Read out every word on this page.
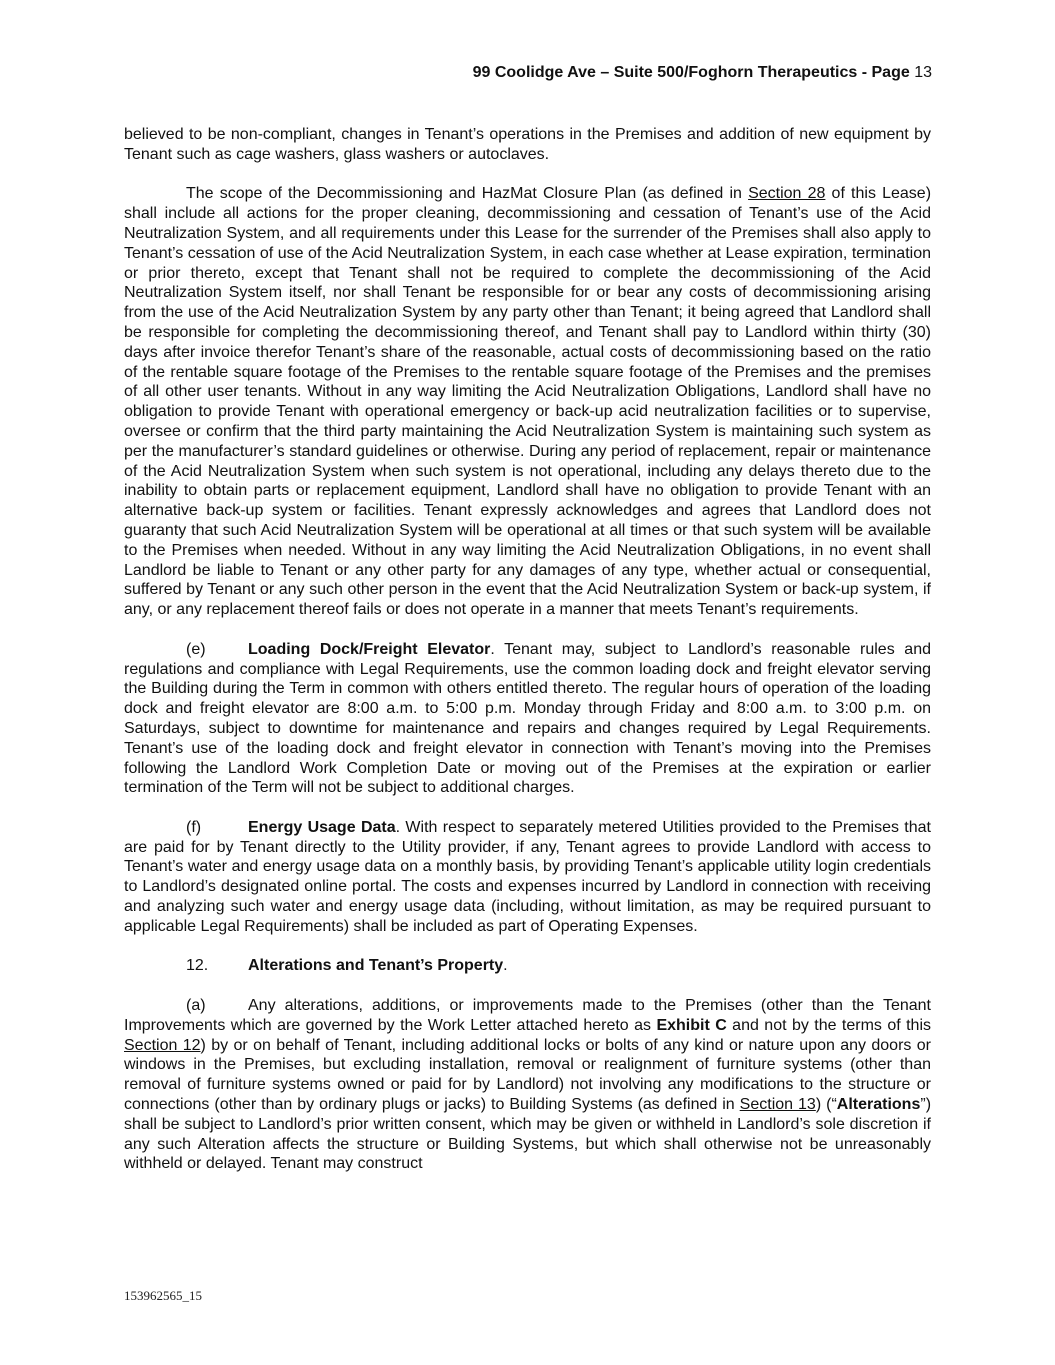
99 Coolidge Ave – Suite 500/Foghorn Therapeutics - Page 13

believed to be non-compliant, changes in Tenant’s operations in the Premises and addition of new equipment by Tenant such as cage washers, glass washers or autoclaves.

The scope of the Decommissioning and HazMat Closure Plan (as defined in Section 28 of this Lease) shall include all actions for the proper cleaning, decommissioning and cessation of Tenant’s use of the Acid Neutralization System, and all requirements under this Lease for the surrender of the Premises shall also apply to Tenant’s cessation of use of the Acid Neutralization System, in each case whether at Lease expiration, termination or prior thereto, except that Tenant shall not be required to complete the decommissioning of the Acid Neutralization System itself, nor shall Tenant be responsible for or bear any costs of decommissioning arising from the use of the Acid Neutralization System by any party other than Tenant; it being agreed that Landlord shall be responsible for completing the decommissioning thereof, and Tenant shall pay to Landlord within thirty (30) days after invoice therefor Tenant’s share of the reasonable, actual costs of decommissioning based on the ratio of the rentable square footage of the Premises to the rentable square footage of the Premises and the premises of all other user tenants. Without in any way limiting the Acid Neutralization Obligations, Landlord shall have no obligation to provide Tenant with operational emergency or back-up acid neutralization facilities or to supervise, oversee or confirm that the third party maintaining the Acid Neutralization System is maintaining such system as per the manufacturer’s standard guidelines or otherwise. During any period of replacement, repair or maintenance of the Acid Neutralization System when such system is not operational, including any delays thereto due to the inability to obtain parts or replacement equipment, Landlord shall have no obligation to provide Tenant with an alternative back-up system or facilities. Tenant expressly acknowledges and agrees that Landlord does not guaranty that such Acid Neutralization System will be operational at all times or that such system will be available to the Premises when needed. Without in any way limiting the Acid Neutralization Obligations, in no event shall Landlord be liable to Tenant or any other party for any damages of any type, whether actual or consequential, suffered by Tenant or any such other person in the event that the Acid Neutralization System or back-up system, if any, or any replacement thereof fails or does not operate in a manner that meets Tenant’s requirements.

(e)	Loading Dock/Freight Elevator. Tenant may, subject to Landlord’s reasonable rules and regulations and compliance with Legal Requirements, use the common loading dock and freight elevator serving the Building during the Term in common with others entitled thereto. The regular hours of operation of the loading dock and freight elevator are 8:00 a.m. to 5:00 p.m. Monday through Friday and 8:00 a.m. to 3:00 p.m. on Saturdays, subject to downtime for maintenance and repairs and changes required by Legal Requirements. Tenant’s use of the loading dock and freight elevator in connection with Tenant’s moving into the Premises following the Landlord Work Completion Date or moving out of the Premises at the expiration or earlier termination of the Term will not be subject to additional charges.

(f)	Energy Usage Data. With respect to separately metered Utilities provided to the Premises that are paid for by Tenant directly to the Utility provider, if any, Tenant agrees to provide Landlord with access to Tenant’s water and energy usage data on a monthly basis, by providing Tenant’s applicable utility login credentials to Landlord’s designated online portal. The costs and expenses incurred by Landlord in connection with receiving and analyzing such water and energy usage data (including, without limitation, as may be required pursuant to applicable Legal Requirements) shall be included as part of Operating Expenses.

12. Alterations and Tenant’s Property.

(a)	Any alterations, additions, or improvements made to the Premises (other than the Tenant Improvements which are governed by the Work Letter attached hereto as Exhibit C and not by the terms of this Section 12) by or on behalf of Tenant, including additional locks or bolts of any kind or nature upon any doors or windows in the Premises, but excluding installation, removal or realignment of furniture systems (other than removal of furniture systems owned or paid for by Landlord) not involving any modifications to the structure or connections (other than by ordinary plugs or jacks) to Building Systems (as defined in Section 13) (“Alterations”) shall be subject to Landlord’s prior written consent, which may be given or withheld in Landlord’s sole discretion if any such Alteration affects the structure or Building Systems, but which shall otherwise not be unreasonably withheld or delayed. Tenant may construct

153962565_15
